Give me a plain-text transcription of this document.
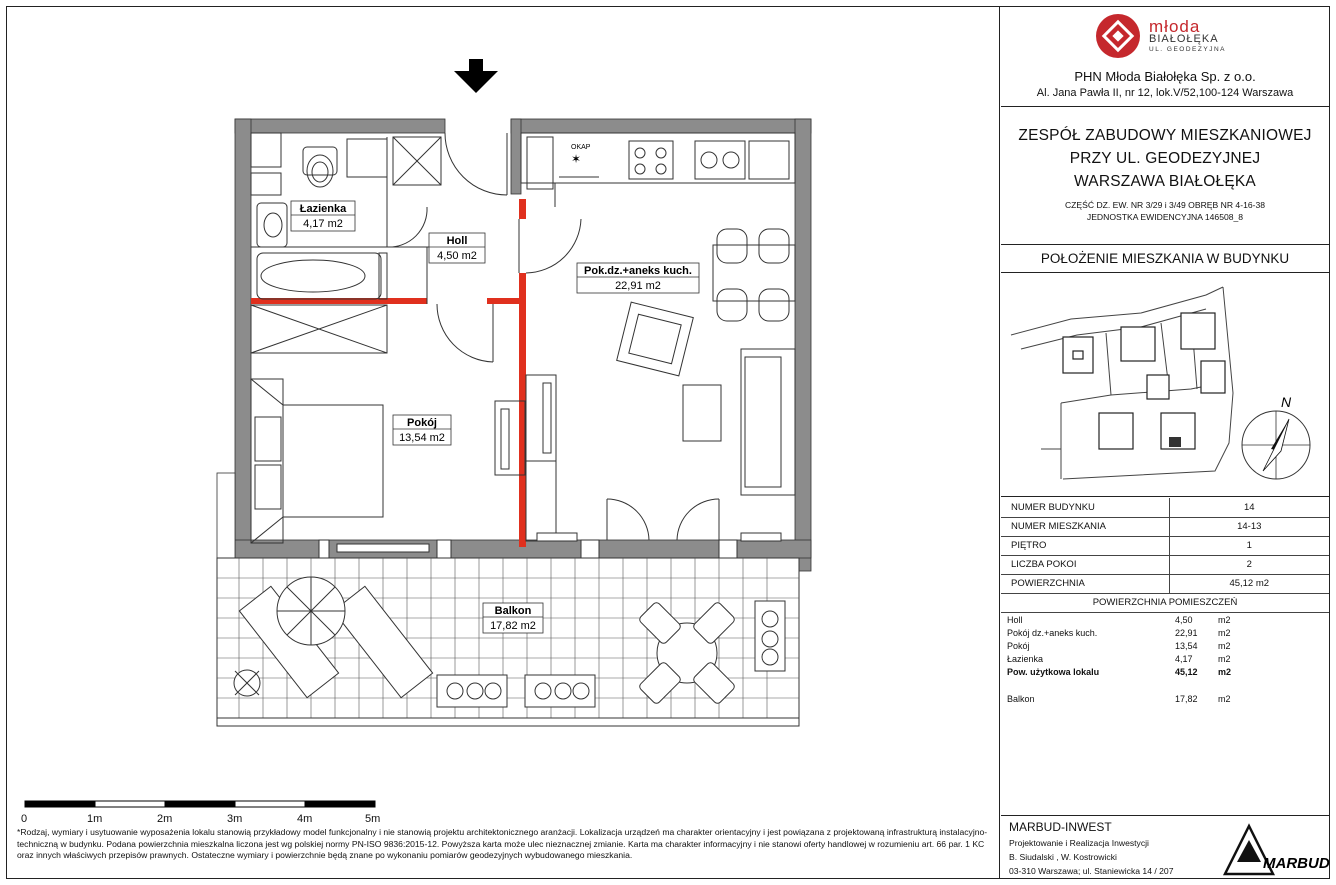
OKAP
✶
Łazienka
4,17 m2
Holl
4,50 m2
Pok.dz.+aneks kuch.
22,91 m2
Pokój
13,54 m2
Balkon
17,82 m2
0	1m	2m	3m	4m	5m
*Rodzaj, wymiary i usytuowanie wyposażenia lokalu stanowią przykładowy model funkcjonalny i nie stanowią projektu architektonicznego aranżacji. Lokalizacja urządzeń ma charakter orientacyjny i jest powiązana z projektowaną infrastrukturą instalacyjno-techniczną w budynku. Podana powierzchnia mieszkalna liczona jest wg polskiej normy PN-ISO 9836:2015-12. Powyższa karta może ulec nieznacznej zmianie. Karta ma charakter informacyjny i nie stanowi oferty handlowej w rozumieniu art. 66 par. 1 KC oraz innych właściwych przepisów prawnych. Ostateczne wymiary i powierzchnie będą znane po wykonaniu pomiarów geodezyjnych wybudowanego mieszkania.
młoda
BIAŁOŁĘKA
UL. GEODEZYJNA
PHN Młoda Białołęka Sp. z o.o.
Al. Jana Pawła II, nr 12, lok.V/52,100-124 Warszawa
ZESPÓŁ ZABUDOWY MIESZKANIOWEJ
PRZY UL. GEODEZYJNEJ
WARSZAWA BIAŁOŁĘKA
CZĘŚĆ DZ. EW. NR 3/29 i 3/49 OBRĘB NR 4-16-38
JEDNOSTKA EWIDENCYJNA 146508_8
POŁOŻENIE MIESZKANIA W BUDYNKU
N
NUMER BUDYNKU	14
NUMER MIESZKANIA	14-13
PIĘTRO	1
LICZBA POKOI	2
POWIERZCHNIA	45,12 m2
POWIERZCHNIA POMIESZCZEŃ
Holl	4,50	m2
Pokój dz.+aneks kuch.	22,91 m2
Pokój	13,54 m2
Łazienka	4,17	m2
Pow. użytkowa lokalu	45,12 m2
Balkon	17,82 m2
MARBUD-INWEST
Projektowanie i Realizacja Inwestycji
B. Siudalski , W. Kostrowicki
03-310 Warszawa; ul. Staniewicka 14 / 207	MARBUD
